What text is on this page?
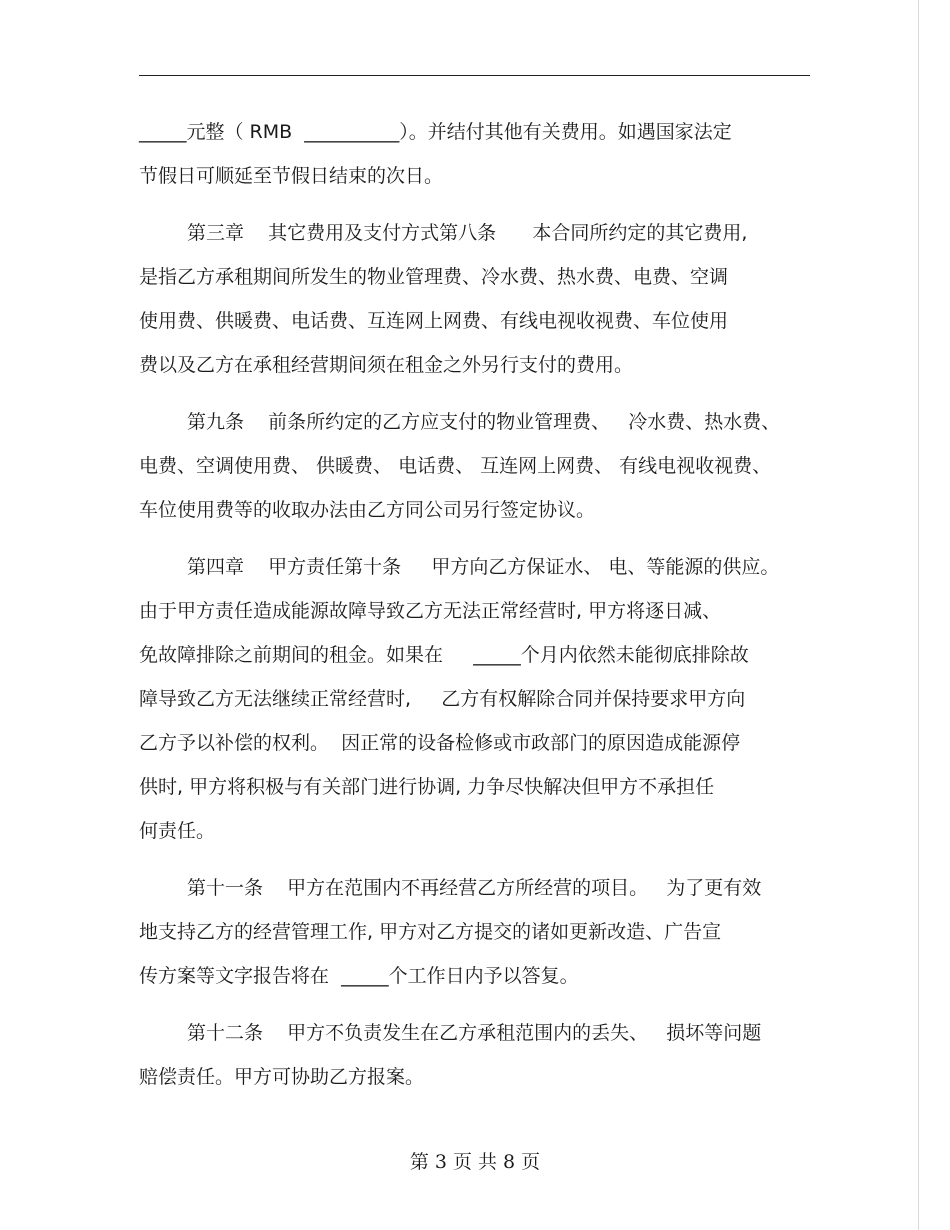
_____元整（ RMB  __________）。并结付其他有关费用。如遇国家法定
节假日可顺延至节假日结束的次日。
第三章    其它费用及支付方式第八条      本合同所约定的其它费用,
是指乙方承租期间所发生的物业管理费、冷水费、热水费、电费、空调
使用费、供暖费、电话费、互连网上网费、有线电视收视费、车位使用
费以及乙方在承租经营期间须在租金之外另行支付的费用。
第九条    前条所约定的乙方应支付的物业管理费、   冷水费、热水费、
电费、空调使用费、 供暖费、 电话费、 互连网上网费、 有线电视收视费、
车位使用费等的收取办法由乙方同公司另行签定协议。
第四章    甲方责任第十条     甲方向乙方保证水、 电、等能源的供应。
由于甲方责任造成能源故障导致乙方无法正常经营时, 甲方将逐日减、
免故障排除之前期间的租金。如果在     _____个月内依然未能彻底排除故
障导致乙方无法继续正常经营时,     乙方有权解除合同并保持要求甲方向
乙方予以补偿的权利。  因正常的设备检修或市政部门的原因造成能源停
供时, 甲方将积极与有关部门进行协调, 力争尽快解决但甲方不承担任
何责任。
第十一条    甲方在范围内不再经营乙方所经营的项目。   为了更有效
地支持乙方的经营管理工作, 甲方对乙方提交的诸如更新改造、广告宣
传方案等文字报告将在  _____个工作日内予以答复。
第十二条    甲方不负责发生在乙方承租范围内的丢失、   损坏等问题
赔偿责任。甲方可协助乙方报案。
第 3 页 共 8 页
